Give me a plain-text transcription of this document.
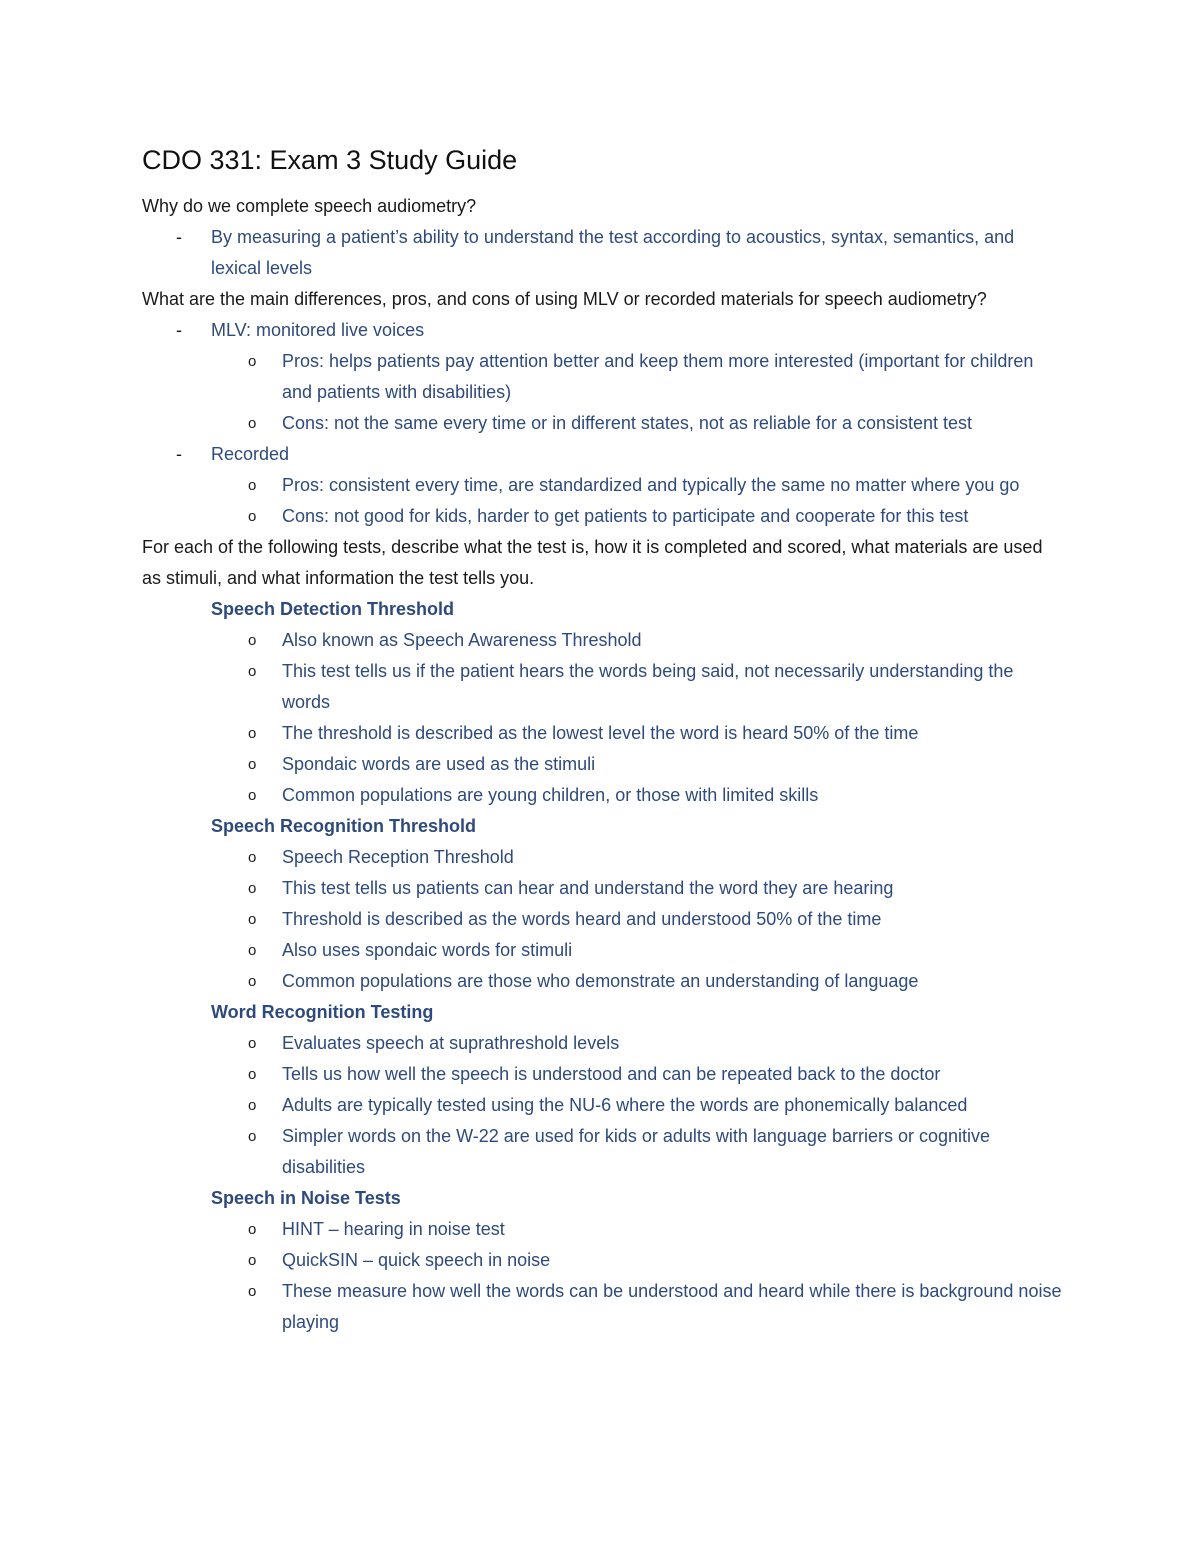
CDO 331: Exam 3 Study Guide
Why do we complete speech audiometry?
- By measuring a patient’s ability to understand the test according to acoustics, syntax, semantics, and lexical levels
What are the main differences, pros, and cons of using MLV or recorded materials for speech audiometry?
- MLV: monitored live voices
o Pros: helps patients pay attention better and keep them more interested (important for children and patients with disabilities)
o Cons: not the same every time or in different states, not as reliable for a consistent test
- Recorded
o Pros: consistent every time, are standardized and typically the same no matter where you go
o Cons: not good for kids, harder to get patients to participate and cooperate for this test
For each of the following tests, describe what the test is, how it is completed and scored, what materials are used as stimuli, and what information the test tells you.
Speech Detection Threshold
o Also known as Speech Awareness Threshold
o This test tells us if the patient hears the words being said, not necessarily understanding the words
o The threshold is described as the lowest level the word is heard 50% of the time
o Spondaic words are used as the stimuli
o Common populations are young children, or those with limited skills
Speech Recognition Threshold
o Speech Reception Threshold
o This test tells us patients can hear and understand the word they are hearing
o Threshold is described as the words heard and understood 50% of the time
o Also uses spondaic words for stimuli
o Common populations are those who demonstrate an understanding of language
Word Recognition Testing
o Evaluates speech at suprathreshold levels
o Tells us how well the speech is understood and can be repeated back to the doctor
o Adults are typically tested using the NU-6 where the words are phonemically balanced
o Simpler words on the W-22 are used for kids or adults with language barriers or cognitive disabilities
Speech in Noise Tests
o HINT – hearing in noise test
o QuickSIN – quick speech in noise
o These measure how well the words can be understood and heard while there is background noise playing
